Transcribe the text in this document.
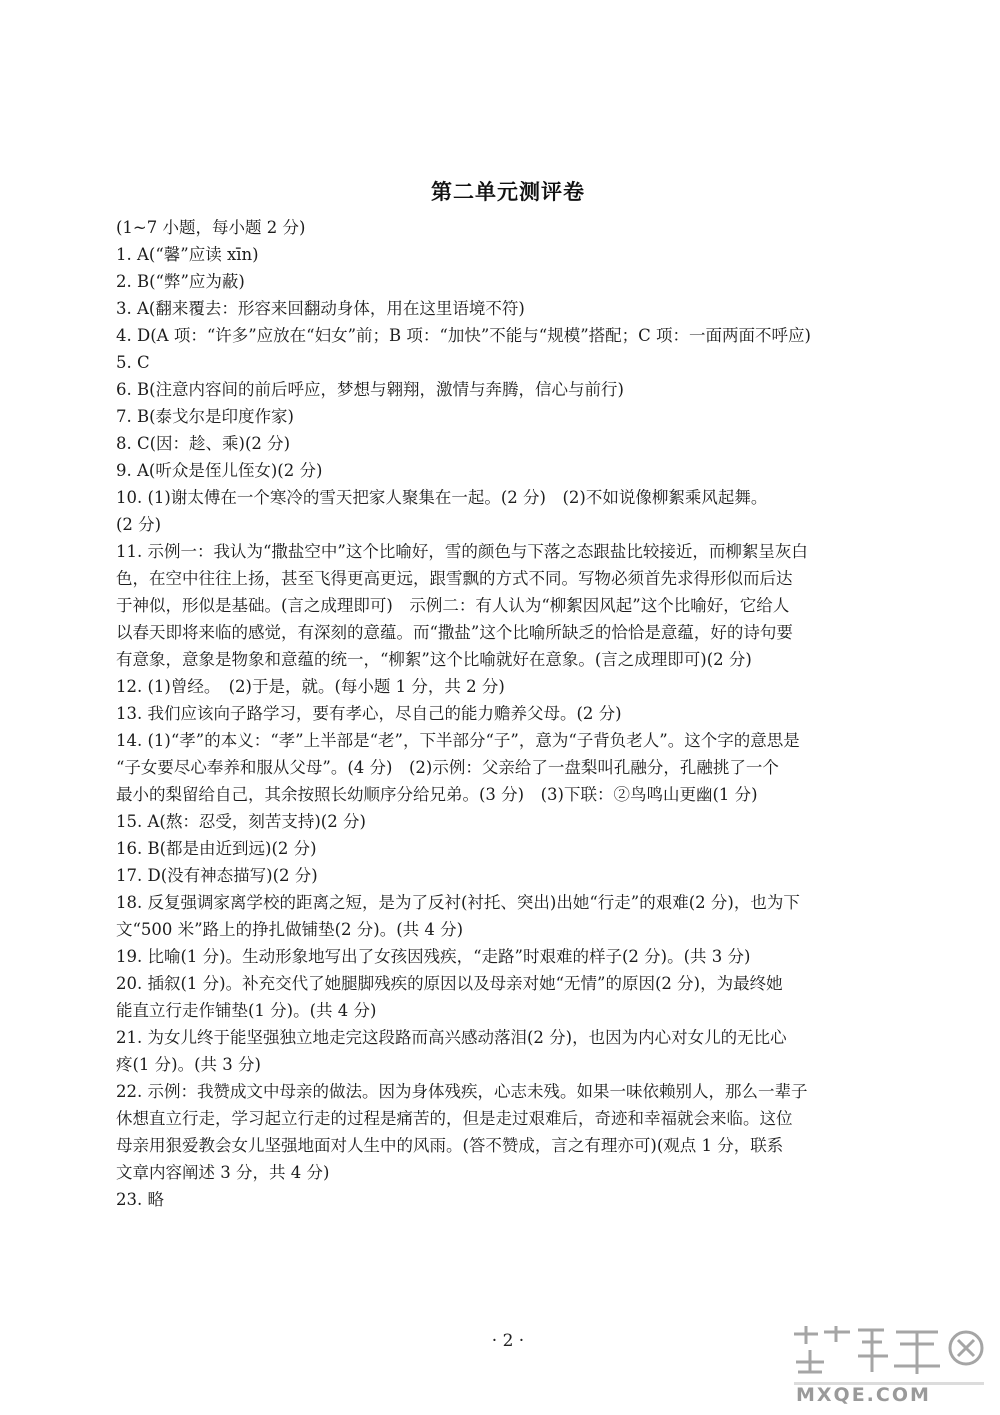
第二单元测评卷
(1~7 小题，每小题 2 分)
1. A(“馨”应读 xīn)
2. B(“弊”应为蔽)
3. A(翻来覆去：形容来回翻动身体，用在这里语境不符)
4. D(A 项：“许多”应放在“妇女”前；B 项：“加快”不能与“规模”搭配；C 项：一面两面不呼应)
5. C
6. B(注意内容间的前后呼应，梦想与翱翔，激情与奔腾，信心与前行)
7. B(泰戈尔是印度作家)
8. C(因：趁、乘)(2 分)
9. A(听众是侄儿侄女)(2 分)
10. (1)谢太傅在一个寒冷的雪天把家人聚集在一起。(2 分)　(2)不如说像柳絮乘风起舞。
(2 分)
11. 示例一：我认为“撒盐空中”这个比喻好，雪的颜色与下落之态跟盐比较接近，而柳絮呈灰白
色，在空中往往上扬，甚至飞得更高更远，跟雪飘的方式不同。写物必须首先求得形似而后达
于神似，形似是基础。(言之成理即可)　示例二：有人认为“柳絮因风起”这个比喻好，它给人
以春天即将来临的感觉，有深刻的意蕴。而“撒盐”这个比喻所缺乏的恰恰是意蕴，好的诗句要
有意象，意象是物象和意蕴的统一，“柳絮”这个比喻就好在意象。(言之成理即可)(2 分)
12. (1)曾经。　(2)于是，就。(每小题 1 分，共 2 分)
13. 我们应该向子路学习，要有孝心，尽自己的能力赡养父母。(2 分)
14. (1)“孝”的本义：“孝”上半部是“老”，下半部分“子”，意为“子背负老人”。这个字的意思是
“子女要尽心奉养和服从父母”。(4 分)　(2)示例：父亲给了一盘梨叫孔融分，孔融挑了一个
最小的梨留给自己，其余按照长幼顺序分给兄弟。(3 分)　(3)下联：②鸟鸣山更幽(1 分)
15. A(熬：忍受，刻苦支持)(2 分)
16. B(都是由近到远)(2 分)
17. D(没有神态描写)(2 分)
18. 反复强调家离学校的距离之短，是为了反衬(衬托、突出)出她“行走”的艰难(2 分)，也为下
文“500 米”路上的挣扎做铺垫(2 分)。(共 4 分)
19. 比喻(1 分)。生动形象地写出了女孩因残疾，“走路”时艰难的样子(2 分)。(共 3 分)
20. 插叙(1 分)。补充交代了她腿脚残疾的原因以及母亲对她“无情”的原因(2 分)，为最终她
能直立行走作铺垫(1 分)。(共 4 分)
21. 为女儿终于能坚强独立地走完这段路而高兴感动落泪(2 分)，也因为内心对女儿的无比心
疼(1 分)。(共 3 分)
22. 示例：我赞成文中母亲的做法。因为身体残疾，心志未残。如果一味依赖别人，那么一辈子
休想直立行走，学习起立行走的过程是痛苦的，但是走过艰难后，奇迹和幸福就会来临。这位
母亲用狠爱教会女儿坚强地面对人生中的风雨。(答不赞成，言之有理亦可)(观点 1 分，联系
文章内容阐述 3 分，共 4 分)
23. 略
· 2 ·
MXQE.COM
